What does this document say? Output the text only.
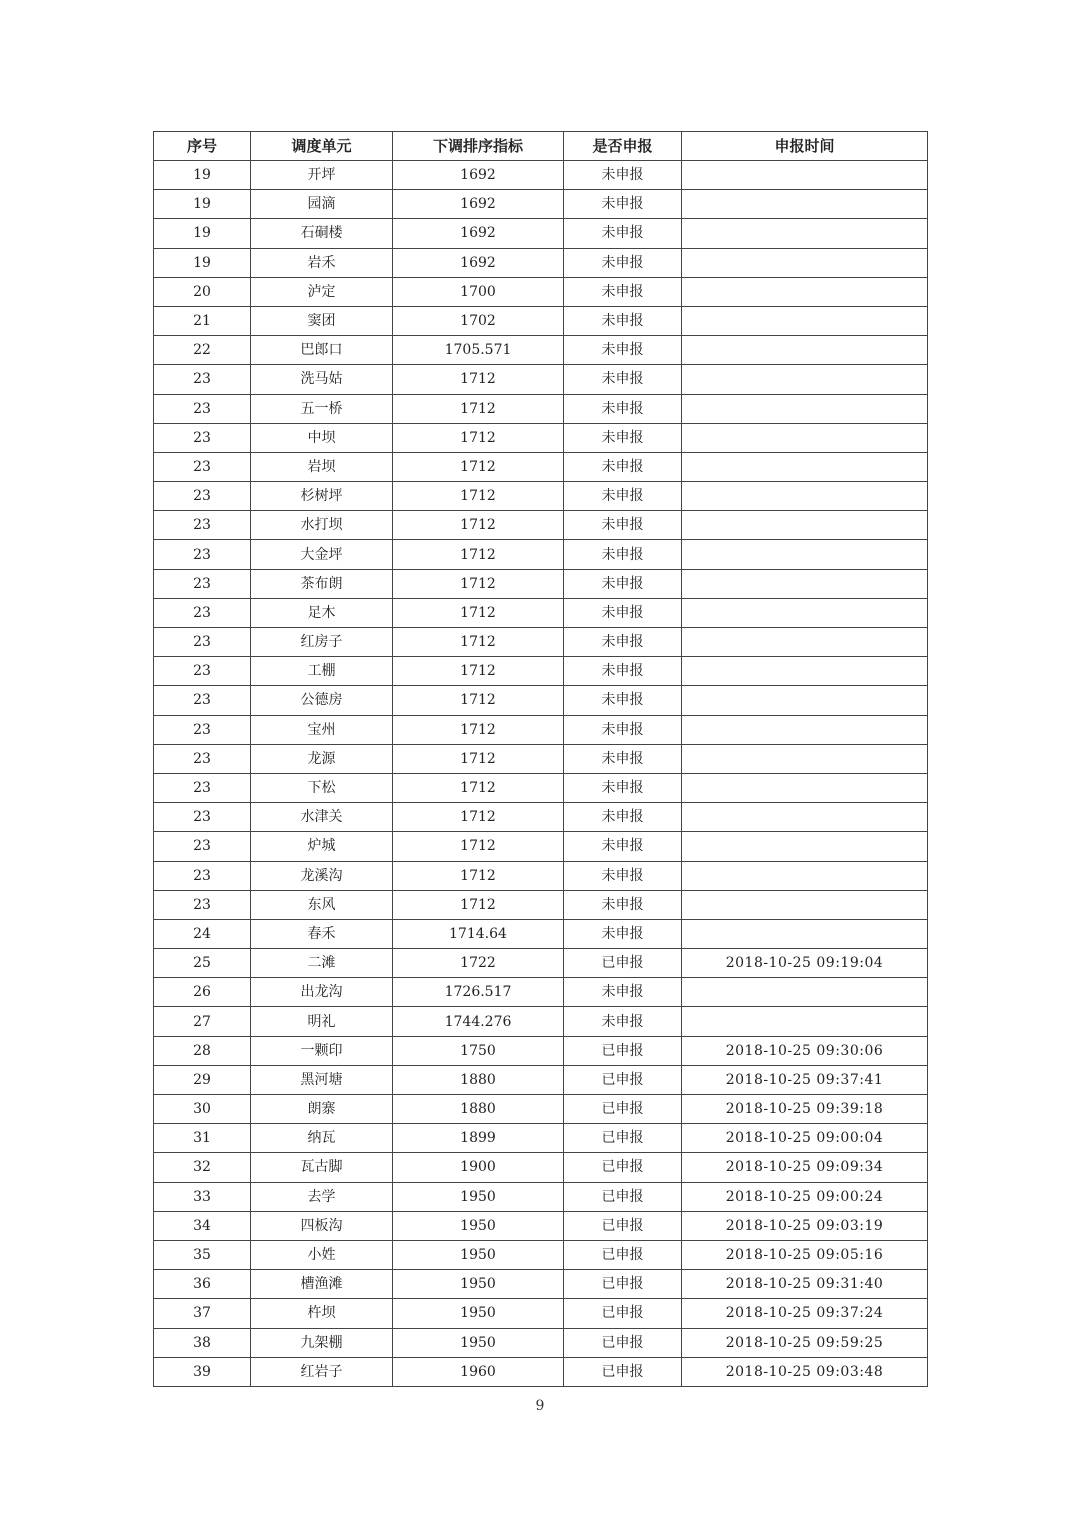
序号	调度单元	下调排序指标	是否申报	申报时间
19	开坪	1692	未申报	
19	园滴	1692	未申报	
19	石硐楼	1692	未申报	
19	岩禾	1692	未申报	
20	泸定	1700	未申报	
21	窦团	1702	未申报	
22	巴郎口	1705.571	未申报	
23	洗马姑	1712	未申报	
23	五一桥	1712	未申报	
23	中坝	1712	未申报	
23	岩坝	1712	未申报	
23	杉树坪	1712	未申报	
23	水打坝	1712	未申报	
23	大金坪	1712	未申报	
23	茶布朗	1712	未申报	
23	足木	1712	未申报	
23	红房子	1712	未申报	
23	工棚	1712	未申报	
23	公德房	1712	未申报	
23	宝州	1712	未申报	
23	龙源	1712	未申报	
23	下松	1712	未申报	
23	水津关	1712	未申报	
23	炉城	1712	未申报	
23	龙溪沟	1712	未申报	
23	东风	1712	未申报	
24	春禾	1714.64	未申报	
25	二滩	1722	已申报	2018-10-25 09:19:04
26	出龙沟	1726.517	未申报	
27	明礼	1744.276	未申报	
28	一颗印	1750	已申报	2018-10-25 09:30:06
29	黑河塘	1880	已申报	2018-10-25 09:37:41
30	朗寨	1880	已申报	2018-10-25 09:39:18
31	纳瓦	1899	已申报	2018-10-25 09:00:04
32	瓦古脚	1900	已申报	2018-10-25 09:09:34
33	去学	1950	已申报	2018-10-25 09:00:24
34	四板沟	1950	已申报	2018-10-25 09:03:19
35	小姓	1950	已申报	2018-10-25 09:05:16
36	槽渔滩	1950	已申报	2018-10-25 09:31:40
37	杵坝	1950	已申报	2018-10-25 09:37:24
38	九架棚	1950	已申报	2018-10-25 09:59:25
39	红岩子	1960	已申报	2018-10-25 09:03:48
9
